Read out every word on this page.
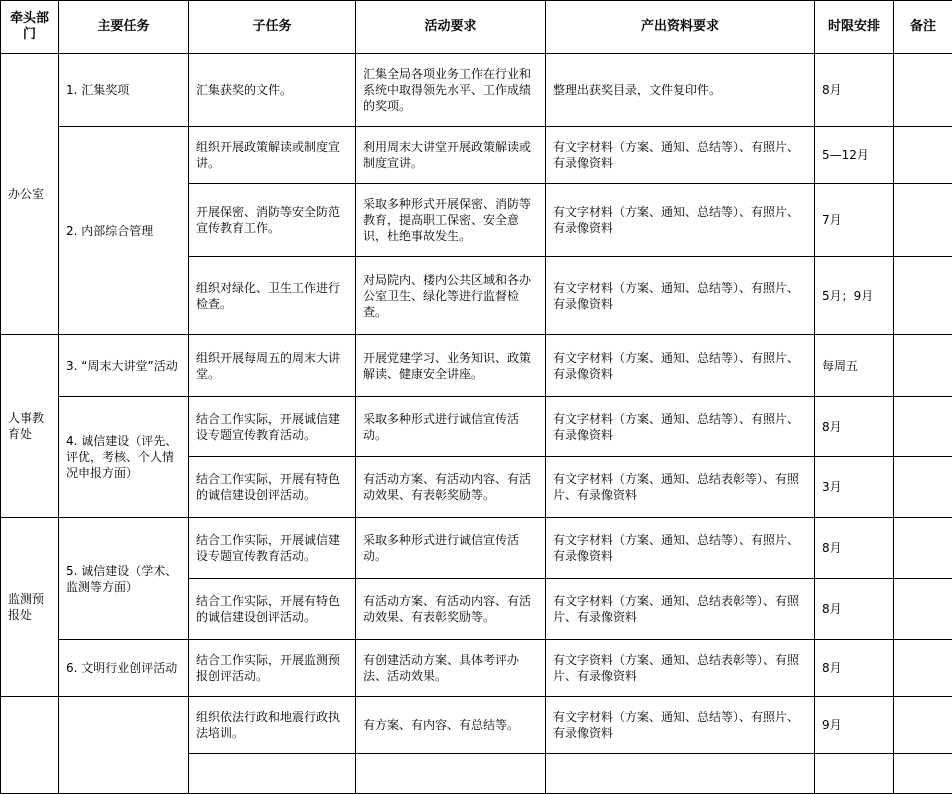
牵头部门	主要任务	子任务	活动要求	产出资料要求	时限安排	备注
办公室	1. 汇集奖项	汇集获奖的文件。	汇集全局各项业务工作在行业和系统中取得领先水平、工作成绩的奖项。	整理出获奖目录，文件复印件。	8月	
	2. 内部综合管理	组织开展政策解读或制度宣讲。	利用周末大讲堂开展政策解读或制度宣讲。	有文字材料（方案、通知、总结等）、有照片、有录像资料	5—12月	
		开展保密、消防等安全防范宣传教育工作。	采取多种形式开展保密、消防等教育，提高职工保密、安全意识，杜绝事故发生。	有文字材料（方案、通知、总结等）、有照片、有录像资料	7月	
		组织对绿化、卫生工作进行检查。	对局院内、楼内公共区域和各办公室卫生、绿化等进行监督检查。	有文字材料（方案、通知、总结等）、有照片、有录像资料	5月；9月	
人事教育处	3. “周末大讲堂”活动	组织开展每周五的周末大讲堂。	开展党建学习、业务知识、政策解读、健康安全讲座。	有文字材料（方案、通知、总结等）、有照片、有录像资料	每周五	
	4. 诚信建设（评先、评优，考核、个人情况申报方面）	结合工作实际，开展诚信建设专题宣传教育活动。	采取多种形式进行诚信宣传活动。	有文字材料（方案、通知、总结等）、有照片、有录像资料	8月	
		结合工作实际，开展有特色的诚信建设创评活动。	有活动方案、有活动内容、有活动效果、有表彰奖励等。	有文字材料（方案、通知、总结表彰等）、有照片、有录像资料	3月	
监测预报处	5. 诚信建设（学术、监测等方面）	结合工作实际，开展诚信建设专题宣传教育活动。	采取多种形式进行诚信宣传活动。	有文字材料（方案、通知、总结等）、有照片、有录像资料	8月	
		结合工作实际，开展有特色的诚信建设创评活动。	有活动方案、有活动内容、有活动效果、有表彰奖励等。	有文字材料（方案、通知、总结表彰等）、有照片、有录像资料	8月	
	6. 文明行业创评活动	结合工作实际，开展监测预报创评活动。	有创建活动方案、具体考评办法、活动效果。	有文字资料（方案、通知、总结表彰等）、有照片、有录像资料	8月	
		组织依法行政和地震行政执法培训。	有方案、有内容、有总结等。	有文字材料（方案、通知、总结等）、有照片、有录像资料	9月	
